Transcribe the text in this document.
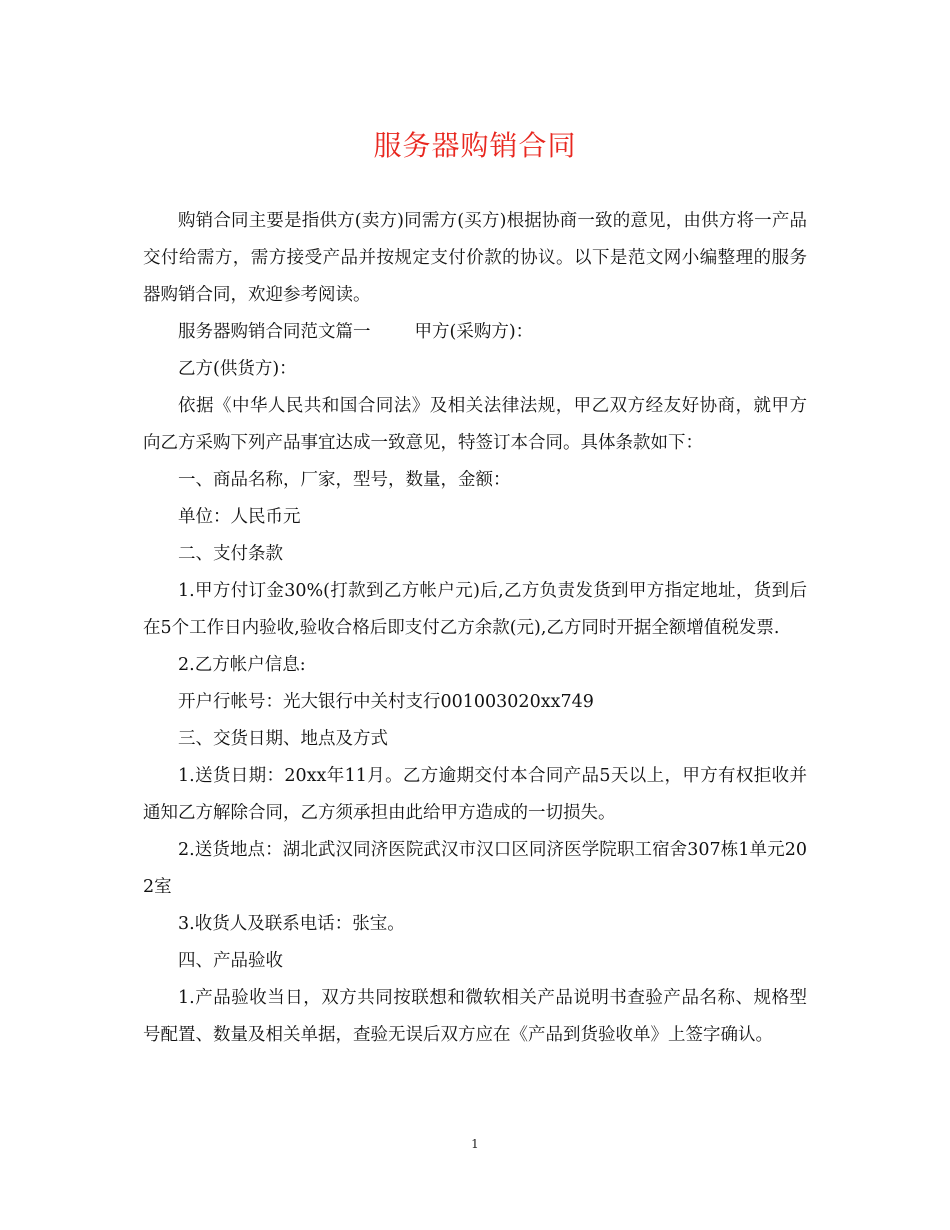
服务器购销合同

购销合同主要是指供方(卖方)同需方(买方)根据协商一致的意见，由供方将一产品交付给需方，需方接受产品并按规定支付价款的协议。以下是范文网小编整理的服务器购销合同，欢迎参考阅读。

服务器购销合同范文篇一	甲方(采购方)：

乙方(供货方)：

依据《中华人民共和国合同法》及相关法律法规，甲乙双方经友好协商，就甲方向乙方采购下列产品事宜达成一致意见，特签订本合同。具体条款如下：

一、商品名称，厂家，型号，数量，金额：

单位：人民币元

二、支付条款

1.甲方付订金30%(打款到乙方帐户元)后,乙方负责发货到甲方指定地址，货到后在5个工作日内验收,验收合格后即支付乙方余款(元),乙方同时开据全额增值税发票.

2.乙方帐户信息:

开户行帐号：光大银行中关村支行001003020xx749

三、交货日期、地点及方式

1.送货日期：20xx年11月。乙方逾期交付本合同产品5天以上，甲方有权拒收并通知乙方解除合同，乙方须承担由此给甲方造成的一切损失。

2.送货地点：湖北武汉同济医院武汉市汉口区同济医学院职工宿舍307栋1单元202室

3.收货人及联系电话：张宝。

四、产品验收

1.产品验收当日，双方共同按联想和微软相关产品说明书查验产品名称、规格型号配置、数量及相关单据，查验无误后双方应在《产品到货验收单》上签字确认。

1
